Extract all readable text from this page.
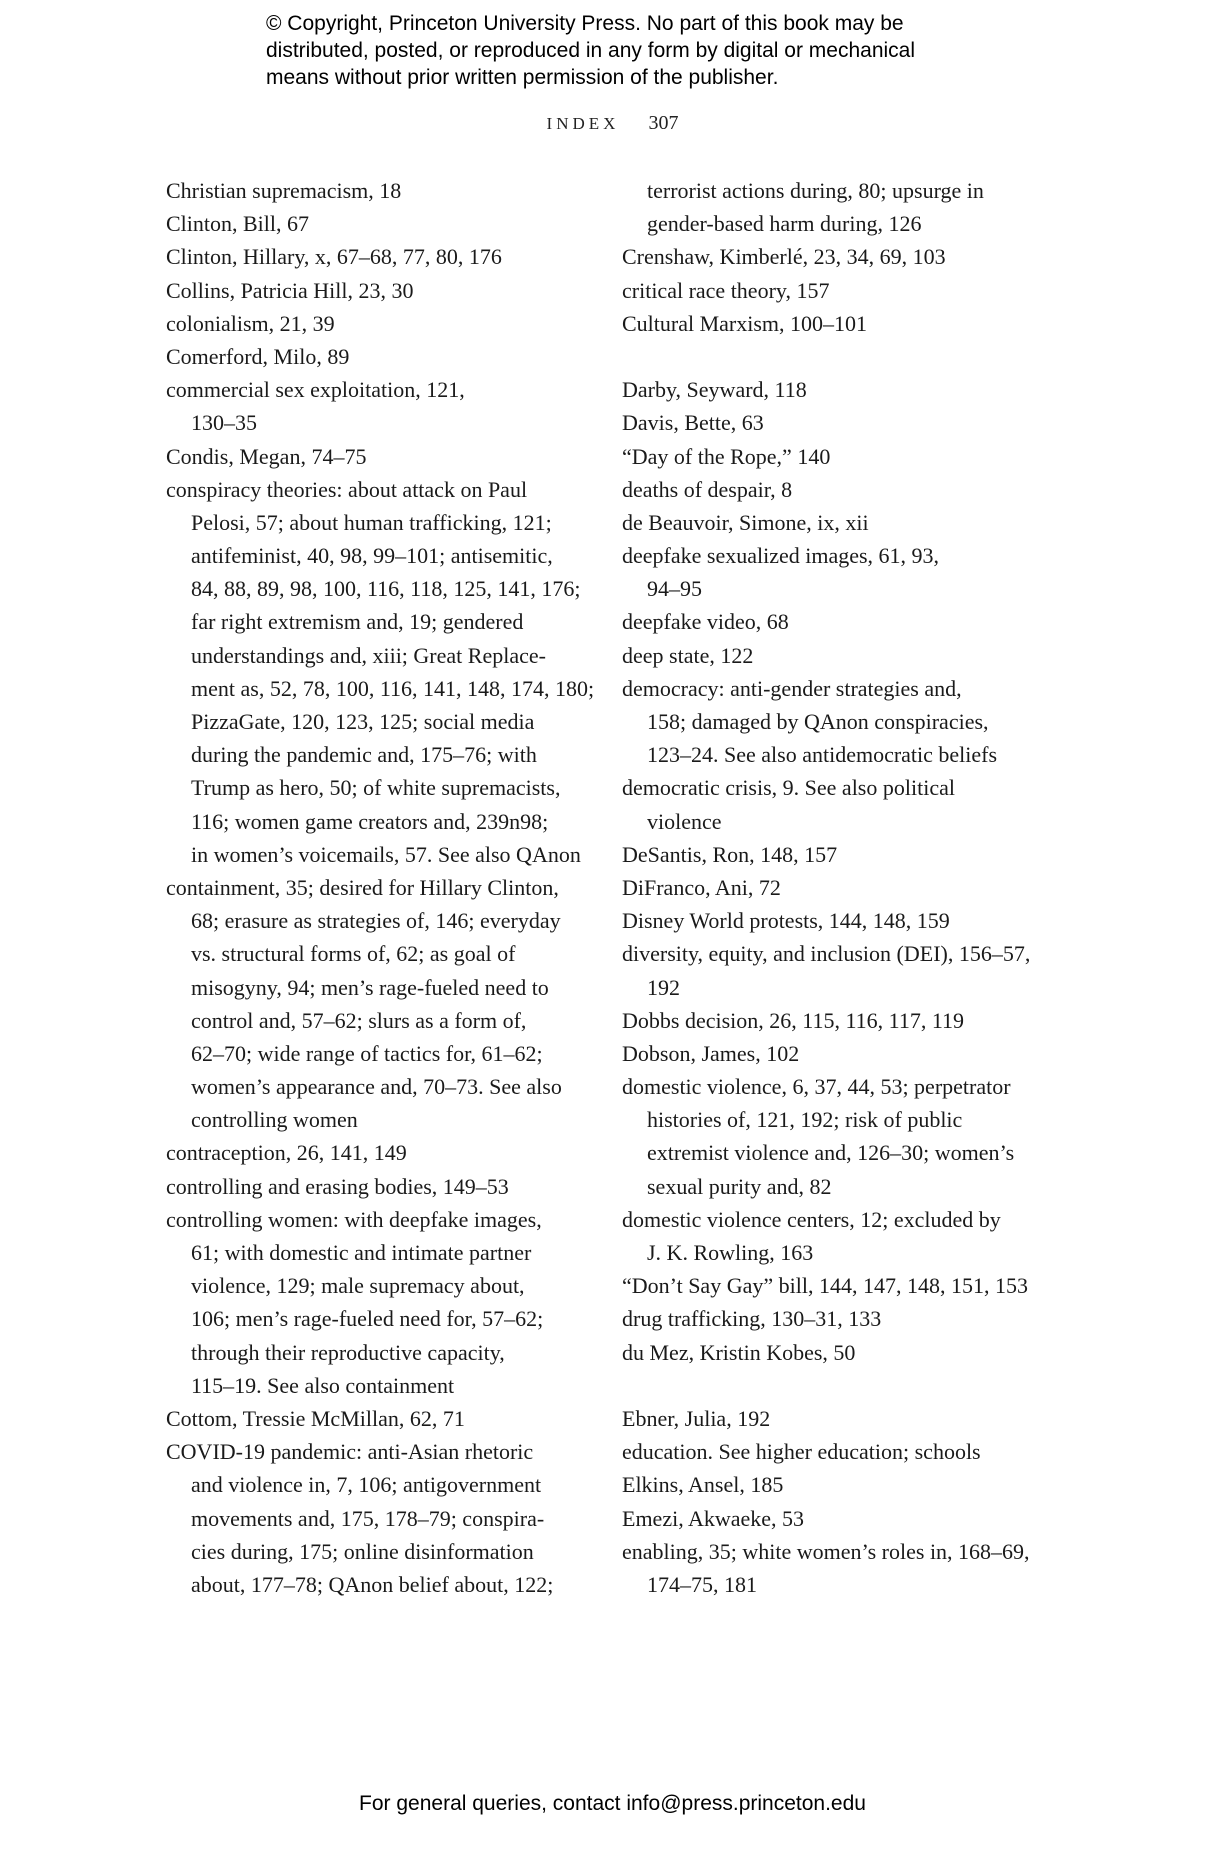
© Copyright, Princeton University Press. No part of this book may be
distributed, posted, or reproduced in any form by digital or mechanical
means without prior written permission of the publisher.
INDEX 307
Christian supremacism, 18
Clinton, Bill, 67
Clinton, Hillary, x, 67–68, 77, 80, 176
Collins, Patricia Hill, 23, 30
colonialism, 21, 39
Comerford, Milo, 89
commercial sex exploitation, 121,
130–35
Condis, Megan, 74–75
conspiracy theories: about attack on Paul
Pelosi, 57; about human trafficking, 121;
antifeminist, 40, 98, 99–101; antisemitic,
84, 88, 89, 98, 100, 116, 118, 125, 141, 176;
far right extremism and, 19; gendered
understandings and, xiii; Great Replace-
ment as, 52, 78, 100, 116, 141, 148, 174, 180;
PizzaGate, 120, 123, 125; social media
during the pandemic and, 175–76; with
Trump as hero, 50; of white supremacists,
116; women game creators and, 239n98;
in women’s voicemails, 57. See also QAnon
containment, 35; desired for Hillary Clinton,
68; erasure as strategies of, 146; everyday
vs. structural forms of, 62; as goal of
misogyny, 94; men’s rage-fueled need to
control and, 57–62; slurs as a form of,
62–70; wide range of tactics for, 61–62;
women’s appearance and, 70–73. See also
controlling women
contraception, 26, 141, 149
controlling and erasing bodies, 149–53
controlling women: with deepfake images,
61; with domestic and intimate partner
violence, 129; male supremacy about,
106; men’s rage-fueled need for, 57–62;
through their reproductive capacity,
115–19. See also containment
Cottom, Tressie McMillan, 62, 71
COVID-19 pandemic: anti-Asian rhetoric
and violence in, 7, 106; antigovernment
movements and, 175, 178–79; conspira-
cies during, 175; online disinformation
about, 177–78; QAnon belief about, 122;
terrorist actions during, 80; upsurge in
gender-based harm during, 126
Crenshaw, Kimberlé, 23, 34, 69, 103
critical race theory, 157
Cultural Marxism, 100–101
Darby, Seyward, 118
Davis, Bette, 63
“Day of the Rope,” 140
deaths of despair, 8
de Beauvoir, Simone, ix, xii
deepfake sexualized images, 61, 93,
94–95
deepfake video, 68
deep state, 122
democracy: anti-gender strategies and,
158; damaged by QAnon conspiracies,
123–24. See also antidemocratic beliefs
democratic crisis, 9. See also political
violence
DeSantis, Ron, 148, 157
DiFranco, Ani, 72
Disney World protests, 144, 148, 159
diversity, equity, and inclusion (DEI), 156–57,
192
Dobbs decision, 26, 115, 116, 117, 119
Dobson, James, 102
domestic violence, 6, 37, 44, 53; perpetrator
histories of, 121, 192; risk of public
extremist violence and, 126–30; women’s
sexual purity and, 82
domestic violence centers, 12; excluded by
J. K. Rowling, 163
“Don’t Say Gay” bill, 144, 147, 148, 151, 153
drug trafficking, 130–31, 133
du Mez, Kristin Kobes, 50
Ebner, Julia, 192
education. See higher education; schools
Elkins, Ansel, 185
Emezi, Akwaeke, 53
enabling, 35; white women’s roles in, 168–69,
174–75, 181
For general queries, contact info@press.princeton.edu
